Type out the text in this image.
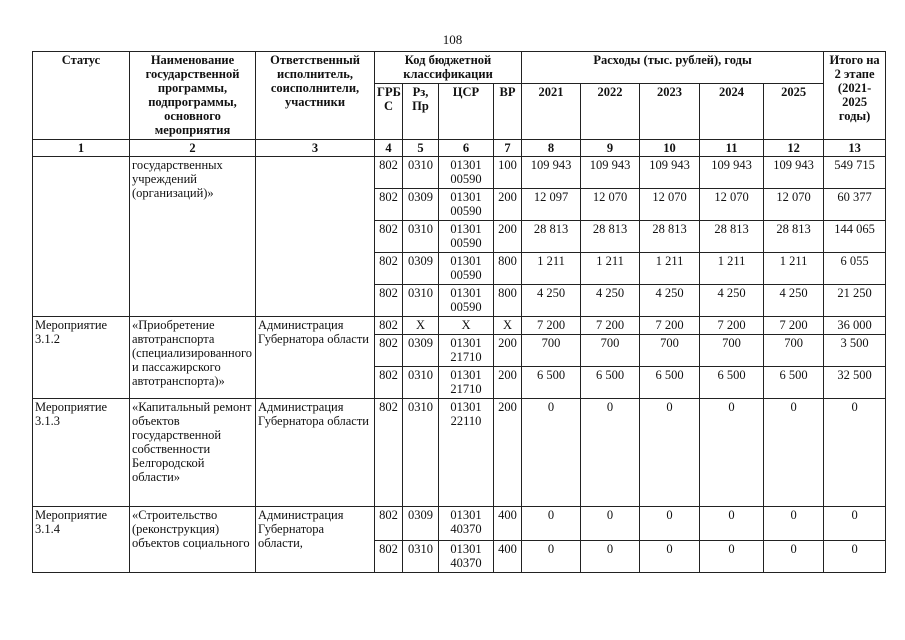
108
Статус	Наименование государственной программы, подпрограммы, основного мероприятия	Ответственный исполнитель, соисполнители, участники	Код бюджетной классификации				Расходы (тыс. рублей), годы					Итого на 2 этапе (2021-2025 годы)
			ГРБ С	Рз, Пр	ЦСР	ВР	2021	2022	2023	2024	2025	
1	2	3	4	5	6	7	8	9	10	11	12	13
	государственных учреждений (организаций)»		802	0310	01301 00590	100	109 943	109 943	109 943	109 943	109 943	549 715
			802	0309	01301 00590	200	12 097	12 070	12 070	12 070	12 070	60 377
			802	0310	01301 00590	200	28 813	28 813	28 813	28 813	28 813	144 065
			802	0309	01301 00590	800	1 211	1 211	1 211	1 211	1 211	6 055
			802	0310	01301 00590	800	4 250	4 250	4 250	4 250	4 250	21 250
Мероприятие 3.1.2	«Приобретение автотранспорта (специализированного и пассажирского автотранспорта)»	Администрация Губернатора области	802	Х	Х	Х	7 200	7 200	7 200	7 200	7 200	36 000
			802	0309	01301 21710	200	700	700	700	700	700	3 500
			802	0310	01301 21710	200	6 500	6 500	6 500	6 500	6 500	32 500
Мероприятие 3.1.3	«Капитальный ремонт объектов государственной собственности Белгородской области»	Администрация Губернатора области	802	0310	01301 22110	200	0	0	0	0	0	0
Мероприятие 3.1.4	«Строительство (реконструкция) объектов социального	Администрация Губернатора области,	802	0309	01301 40370	400	0	0	0	0	0	0
			802	0310	01301 40370	400	0	0	0	0	0	0
